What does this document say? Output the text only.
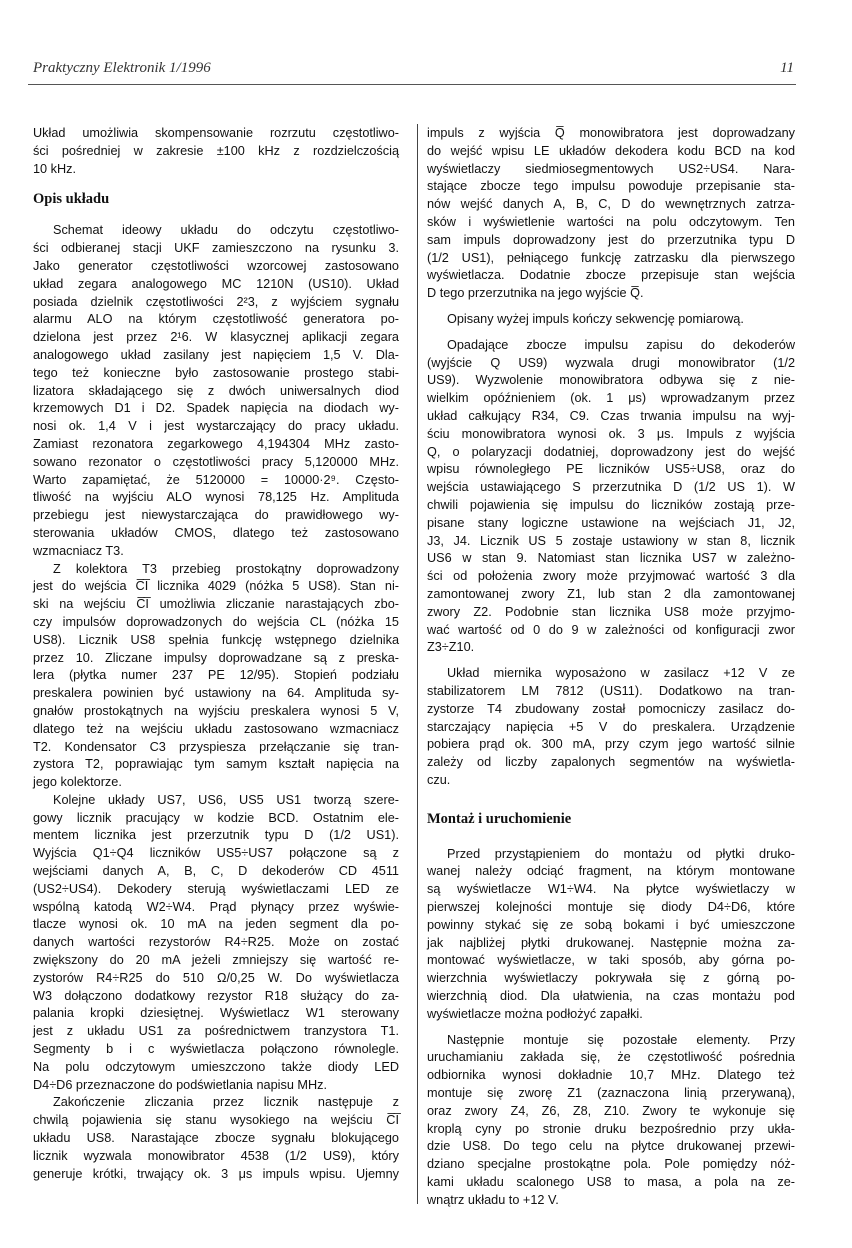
Praktyczny Elektronik 1/1996	11
Układ umożliwia skompensowanie rozrzutu częstotliwo-
ści pośredniej w zakresie ±100 kHz z rozdzielczością
10 kHz.
Opis układu
Schemat ideowy układu do odczytu częstotliwo-
ści odbieranej stacji UKF zamieszczono na rysunku 3.
Jako generator częstotliwości wzorcowej zastosowano
układ zegara analogowego MC 1210N (US10). Układ
posiada dzielnik częstotliwości 2²3, z wyjściem sygnału
alarmu ALO na którym częstotliwość generatora po-
dzielona jest przez 2¹6. W klasycznej aplikacji zegara
analogowego układ zasilany jest napięciem 1,5 V. Dla-
tego też konieczne było zastosowanie prostego stabi-
lizatora składającego się z dwóch uniwersalnych diod
krzemowych D1 i D2. Spadek napięcia na diodach wy-
nosi ok. 1,4 V i jest wystarczający do pracy układu.
Zamiast rezonatora zegarkowego 4,194304 MHz zasto-
sowano rezonator o częstotliwości pracy 5,120000 MHz.
Warto zapamiętać, że 5120000 = 10000·2⁹. Często-
tliwość na wyjściu ALO wynosi 78,125 Hz. Amplituda
przebiegu jest niewystarczająca do prawidłowego wy-
sterowania układów CMOS, dlatego też zastosowano
wzmacniacz T3.
Z kolektora T3 przebieg prostokątny doprowadzony
jest do wejścia C̅I̅ licznika 4029 (nóżka 5 US8). Stan ni-
ski na wejściu C̅I̅ umożliwia zliczanie narastających zbo-
czy impulsów doprowadzonych do wejścia CL (nóżka 15
US8). Licznik US8 spełnia funkcję wstępnego dzielnika
przez 10. Zliczane impulsy doprowadzane są z preska-
lera (płytka numer 237 PE 12/95). Stopień podziału
preskalera powinien być ustawiony na 64. Amplituda sy-
gnałów prostokątnych na wyjściu preskalera wynosi 5 V,
dlatego też na wejściu układu zastosowano wzmacniacz
T2. Kondensator C3 przyspiesza przełączanie się tran-
zystora T2, poprawiając tym samym kształt napięcia na
jego kolektorze.
Kolejne układy US7, US6, US5 US1 tworzą szere-
gowy licznik pracujący w kodzie BCD. Ostatnim ele-
mentem licznika jest przerzutnik typu D (1/2 US1).
Wyjścia Q1÷Q4 liczników US5÷US7 połączone są z
wejściami danych A, B, C, D dekoderów CD 4511
(US2÷US4). Dekodery sterują wyświetlaczami LED ze
wspólną katodą W2÷W4. Prąd płynący przez wyświe-
tlacze wynosi ok. 10 mA na jeden segment dla po-
danych wartości rezystorów R4÷R25. Może on zostać
zwiększony do 20 mA jeżeli zmniejszy się wartość re-
zystorów R4÷R25 do 510 Ω/0,25 W. Do wyświetlacza
W3 dołączono dodatkowy rezystor R18 służący do za-
palania kropki dziesiętnej. Wyświetlacz W1 sterowany
jest z układu US1 za pośrednictwem tranzystora T1.
Segmenty b i c wyświetlacza połączono równolegle.
Na polu odczytowym umieszczono także diody LED
D4÷D6 przeznaczone do podświetlania napisu MHz.
Zakończenie zliczania przez licznik następuje z
chwilą pojawienia się stanu wysokiego na wejściu C̅I̅
układu US8. Narastające zbocze sygnału blokującego
licznik wyzwala monowibrator 4538 (1/2 US9), który
generuje krótki, trwający ok. 3 μs impuls wpisu. Ujemny
impuls z wyjścia Q̅ monowibratora jest doprowadzany
do wejść wpisu LE układów dekodera kodu BCD na kod
wyświetlaczy siedmiosegmentowych US2÷US4. Nara-
stające zbocze tego impulsu powoduje przepisanie sta-
nów wejść danych A, B, C, D do wewnętrznych zatrza-
sków i wyświetlenie wartości na polu odczytowym. Ten
sam impuls doprowadzony jest do przerzutnika typu D
(1/2 US1), pełniącego funkcję zatrzasku dla pierwszego
wyświetlacza. Dodatnie zbocze przepisuje stan wejścia
D tego przerzutnika na jego wyjście Q̅.
Opisany wyżej impuls kończy sekwencję pomiarową.
Opadające zbocze impulsu zapisu do dekoderów
(wyjście Q US9) wyzwala drugi monowibrator (1/2
US9). Wyzwolenie monowibratora odbywa się z nie-
wielkim opóźnieniem (ok. 1 μs) wprowadzanym przez
układ całkujący R34, C9. Czas trwania impulsu na wyj-
ściu monowibratora wynosi ok. 3 μs. Impuls z wyjścia
Q, o polaryzacji dodatniej, doprowadzony jest do wejść
wpisu równoległego PE liczników US5÷US8, oraz do
wejścia ustawiającego S przerzutnika D (1/2 US 1). W
chwili pojawienia się impulsu do liczników zostają prze-
pisane stany logiczne ustawione na wejściach J1, J2,
J3, J4. Licznik US 5 zostaje ustawiony w stan 8, licznik
US6 w stan 9. Natomiast stan licznika US7 w zależno-
ści od położenia zwory może przyjmować wartość 3 dla
zamontowanej zwory Z1, lub stan 2 dla zamontowanej
zwory Z2. Podobnie stan licznika US8 może przyjmo-
wać wartość od 0 do 9 w zależności od konfiguracji zwor
Z3÷Z10.
Układ miernika wyposażono w zasilacz +12 V ze
stabilizatorem LM 7812 (US11). Dodatkowo na tran-
zystorze T4 zbudowany został pomocniczy zasilacz do-
starczający napięcia +5 V do preskalera. Urządzenie
pobiera prąd ok. 300 mA, przy czym jego wartość silnie
zależy od liczby zapalonych segmentów na wyświetla-
czu.
Montaż i uruchomienie
Przed przystąpieniem do montażu od płytki druko-
wanej należy odciąć fragment, na którym montowane
są wyświetlacze W1÷W4. Na płytce wyświetlaczy w
pierwszej kolejności montuje się diody D4÷D6, które
powinny stykać się ze sobą bokami i być umieszczone
jak najbliżej płytki drukowanej. Następnie można za-
montować wyświetlacze, w taki sposób, aby górna po-
wierzchnia wyświetlaczy pokrywała się z górną po-
wierzchnią diod. Dla ułatwienia, na czas montażu pod
wyświetlacze można podłożyć zapałki.
Następnie montuje się pozostałe elementy. Przy
uruchamianiu zakłada się, że częstotliwość pośrednia
odbiornika wynosi dokładnie 10,7 MHz. Dlatego też
montuje się zworę Z1 (zaznaczona linią przerywaną),
oraz zwory Z4, Z6, Z8, Z10. Zwory te wykonuje się
kroplą cyny po stronie druku bezpośrednio przy ukła-
dzie US8. Do tego celu na płytce drukowanej przewi-
dziano specjalne prostokątne pola. Pole pomiędzy nóż-
kami układu scalonego US8 to masa, a pola na ze-
wnątrz układu to +12 V.
